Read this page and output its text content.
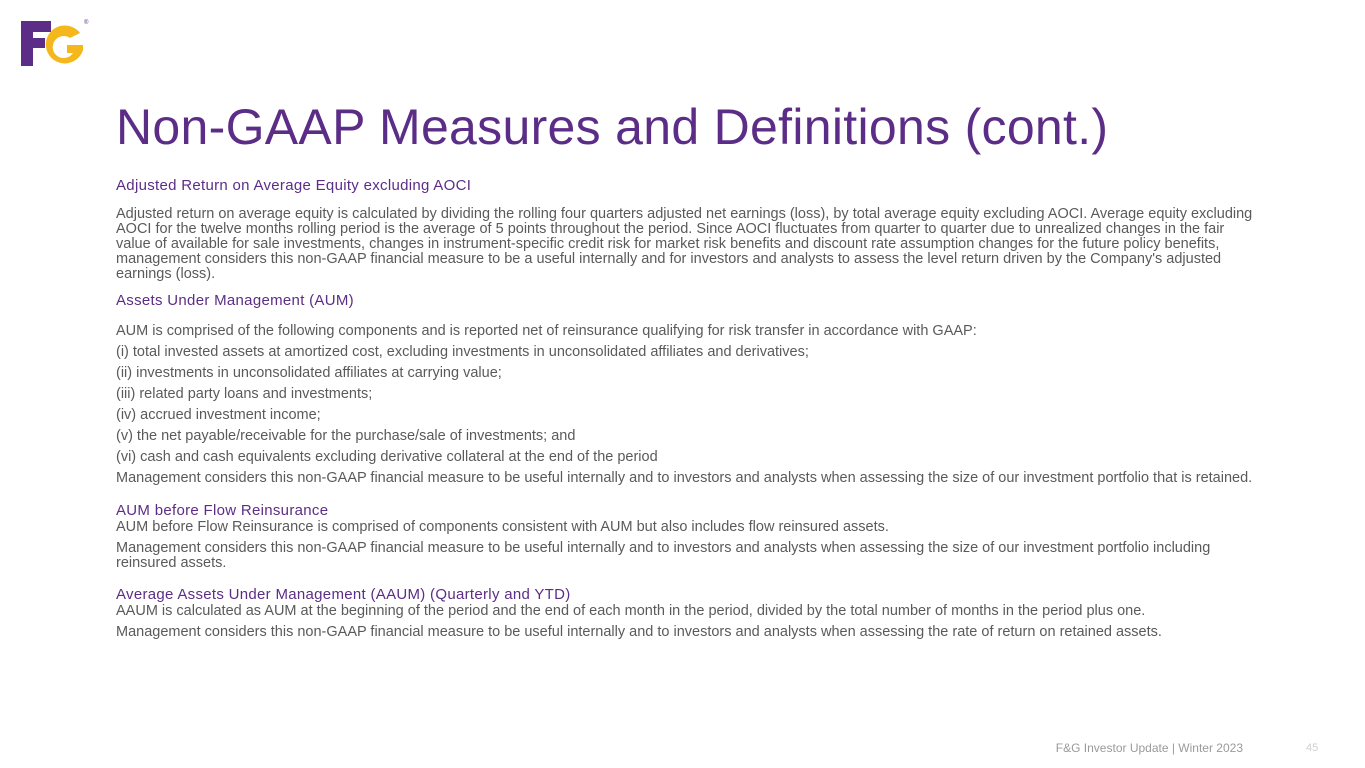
®
Non-GAAP Measures and Definitions (cont.)

Adjusted Return on Average Equity excluding AOCI

Adjusted return on average equity is calculated by dividing the rolling four quarters adjusted net earnings (loss), by total average equity excluding AOCI. Average equity excluding AOCI for the twelve months rolling period is the average of 5 points throughout the period. Since AOCI fluctuates from quarter to quarter due to unrealized changes in the fair value of available for sale investments, changes in instrument-specific credit risk for market risk benefits and discount rate assumption changes for the future policy benefits, management considers this non-GAAP financial measure to be a useful internally and for investors and analysts to assess the level return driven by the Company's adjusted earnings (loss).

Assets Under Management (AUM)

AUM is comprised of the following components and is reported net of reinsurance qualifying for risk transfer in accordance with GAAP:

(i) total invested assets at amortized cost, excluding investments in unconsolidated affiliates and derivatives;

(ii) investments in unconsolidated affiliates at carrying value;

(iii) related party loans and investments;

(iv) accrued investment income;

(v) the net payable/receivable for the purchase/sale of investments; and

(vi) cash and cash equivalents excluding derivative collateral at the end of the period

Management considers this non-GAAP financial measure to be useful internally and to investors and analysts when assessing the size of our investment portfolio that is retained.

AUM before Flow Reinsurance

AUM before Flow Reinsurance is comprised of components consistent with AUM but also includes flow reinsured assets.

Management considers this non-GAAP financial measure to be useful internally and to investors and analysts when assessing the size of our investment portfolio including reinsured assets.

Average Assets Under Management (AAUM) (Quarterly and YTD)

AAUM is calculated as AUM at the beginning of the period and the end of each month in the period, divided by the total number of months in the period plus one.

Management considers this non-GAAP financial measure to be useful internally and to investors and analysts when assessing the rate of return on retained assets.

F&G Investor Update | Winter 2023	45
